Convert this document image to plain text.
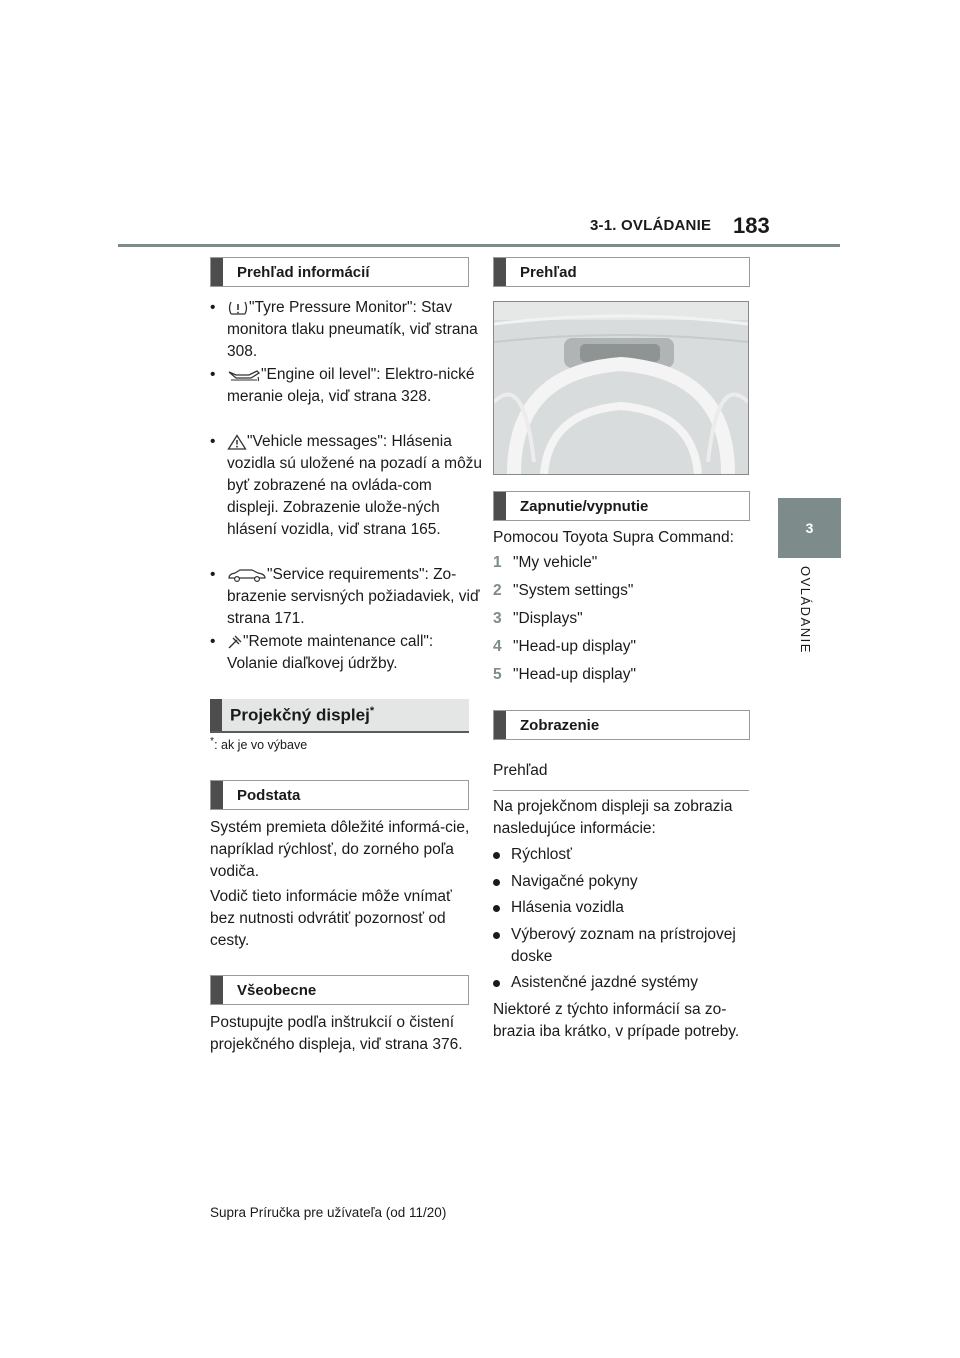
3-1. OVLÁDANIE 183
3
OVLÁDANIE
Prehľad informácií
•	"Tyre Pressure Monitor": Stav monitora tlaku pneumatík, viď strana 308.
•	"Engine oil level": Elektro-nické meranie oleja, viď strana 328.
•	"Vehicle messages": Hlásenia vozidla sú uložené na pozadí a môžu byť zobrazené na ovláda-com displeji. Zobrazenie ulože-ných hlásení vozidla, viď strana 165.
•	"Service requirements": Zo-brazenie servisných požiadaviek, viď strana 171.
•	"Remote maintenance call": Volanie diaľkovej údržby.
Projekčný displej*
*: ak je vo výbave
Podstata
Systém premieta dôležité informá-cie, napríklad rýchlosť, do zorného poľa vodiča.
Vodič tieto informácie môže vnímať bez nutnosti odvrátiť pozornosť od cesty.
Všeobecne
Postupujte podľa inštrukcií o čistení projekčného displeja, viď strana 376.
Prehľad
Zapnutie/vypnutie
Pomocou Toyota Supra Command:
1 "My vehicle"
2 "System settings"
3 "Displays"
4 "Head-up display"
5 "Head-up display"
Zobrazenie
Prehľad
Na projekčnom displeji sa zobrazia nasledujúce informácie:
Rýchlosť
Navigačné pokyny
Hlásenia vozidla
Výberový zoznam na prístrojovej doske
Asistenčné jazdné systémy
Niektoré z týchto informácií sa zo-brazia iba krátko, v prípade potreby.
Supra Príručka pre užívateľa (od 11/20)
